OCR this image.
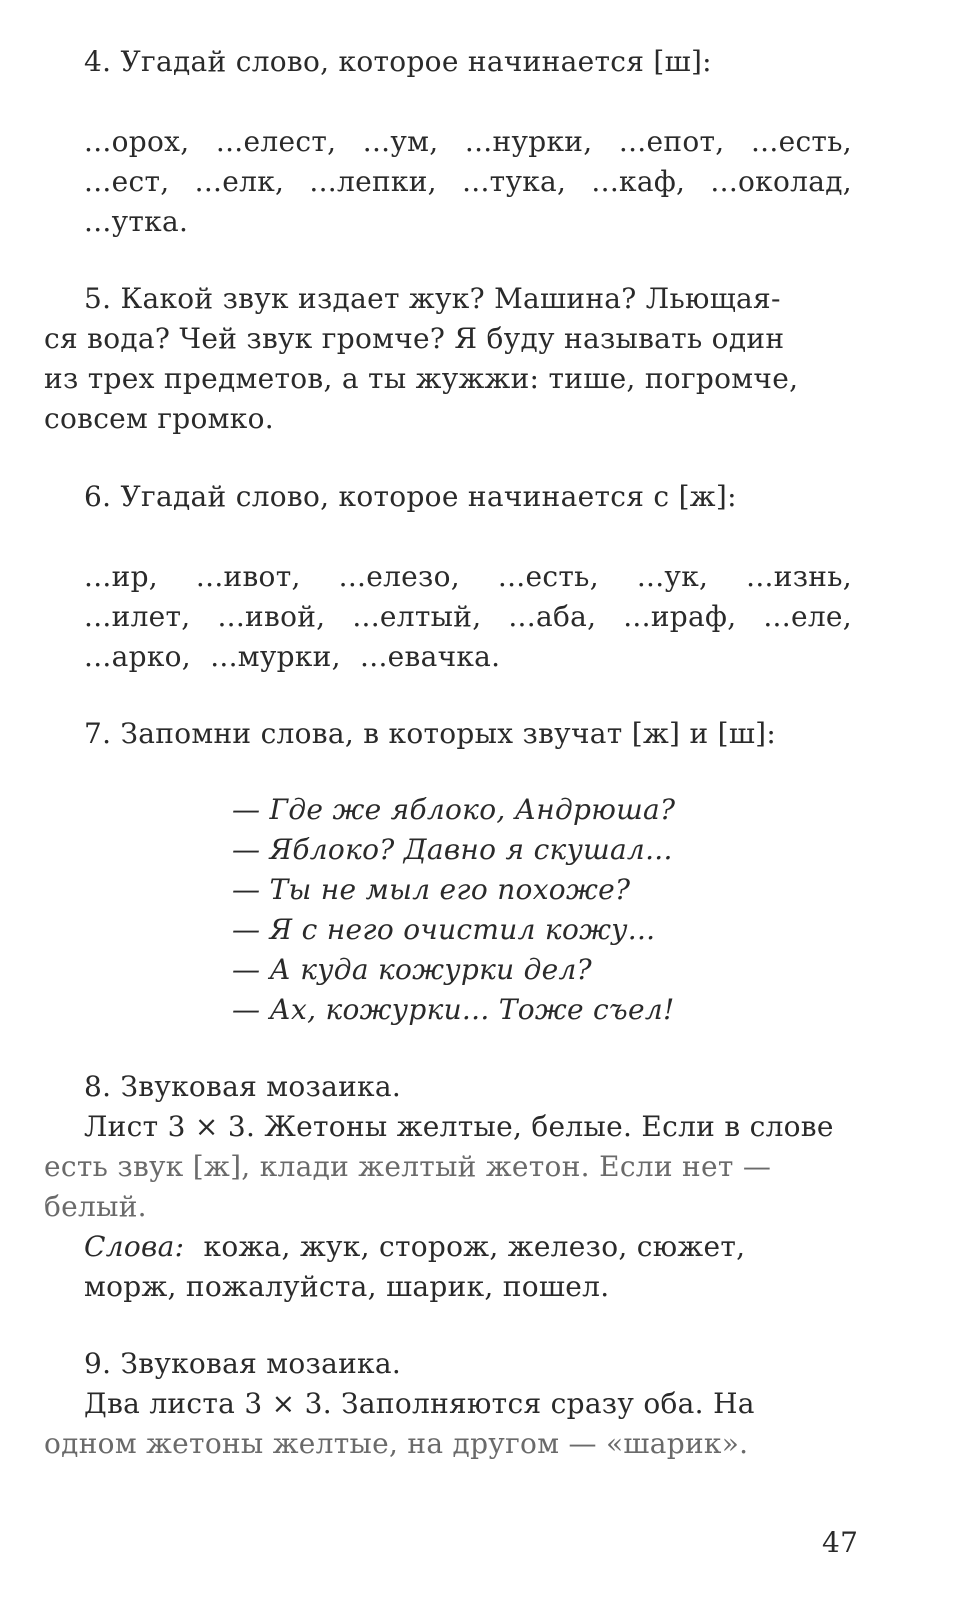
4. Угадай слово, которое начинается [ш]:
...орох, ...елест, ...ум, ...нурки, ...епот, ...есть,
...ест, ...елк, ...лепки, ...тука, ...каф, ...околад,
...утка.
5. Какой звук издает жук? Машина? Льющая-
ся вода? Чей звук громче? Я буду называть один
из трех предметов, а ты жужжи: тише, погромче,
совсем громко.
6. Угадай слово, которое начинается с [ж]:
...ир, ...ивот, ...елезо, ...есть, ...ук, ...изнь,
...илет, ...ивой, ...елтый, ...аба, ...ираф, ...еле,
...арко, ...мурки, ...евачка.
7. Запомни слова, в которых звучат [ж] и [ш]:
— Где же яблоко, Андрюша?
— Яблоко? Давно я скушал...
— Ты не мыл его похоже?
— Я с него очистил кожу...
— А куда кожурки дел?
— Ах, кожурки... Тоже съел!
8. Звуковая мозаика.
Лист 3 × 3. Жетоны желтые, белые. Если в слове
есть звук [ж], клади желтый жетон. Если нет —
белый.
Слова: кожа, жук, сторож, железо, сюжет,
морж, пожалуйста, шарик, пошел.
9. Звуковая мозаика.
Два листа 3 × 3. Заполняются сразу оба. На
одном жетоны желтые, на другом — «шарик».
47
